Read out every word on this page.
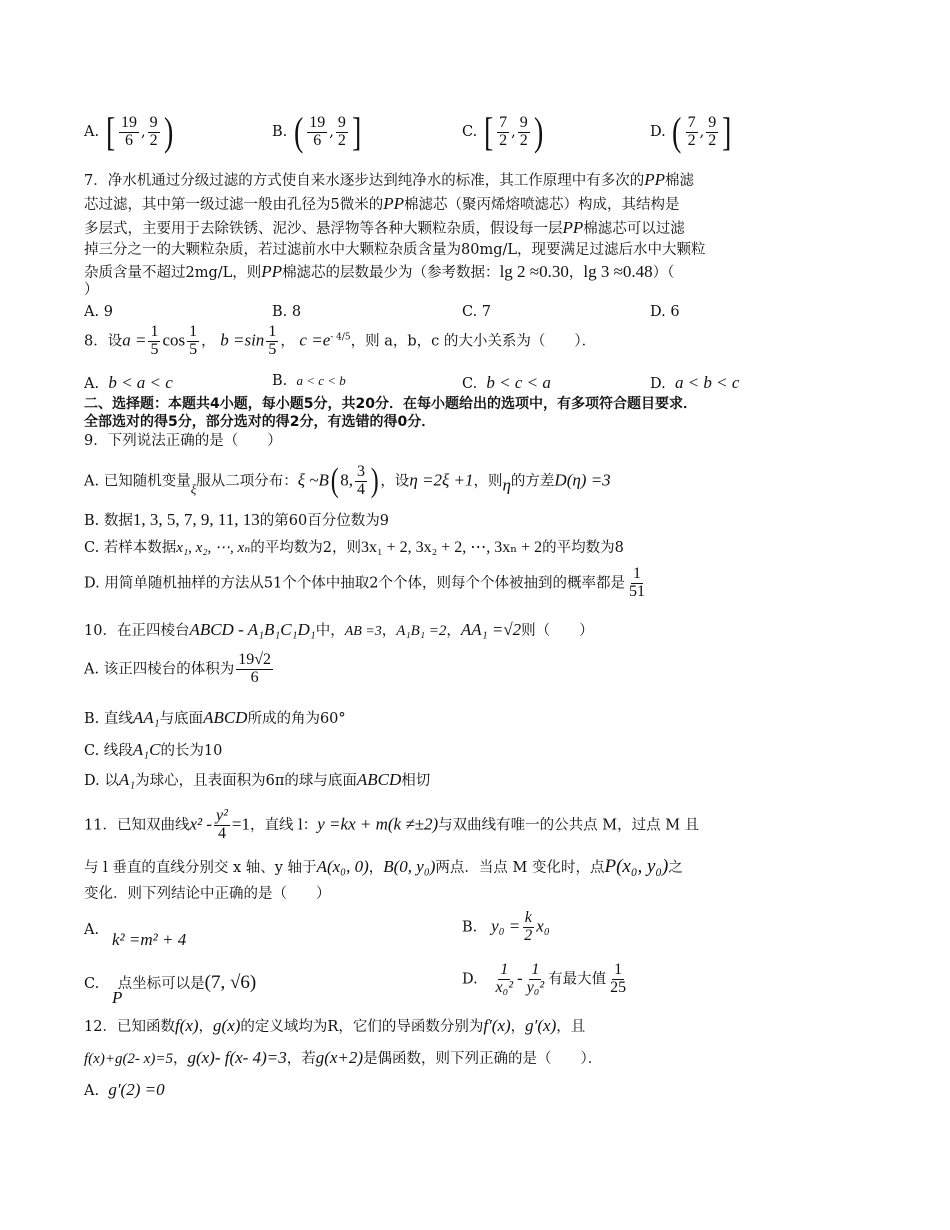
A. [ $\frac{19}{6}$ , $\frac{9}{2}$ )	B. ( $\frac{19}{6}$ , $\frac{9}{2}$ ]	C. [ $\frac{7}{2}$ , $\frac{9}{2}$ )	D. ( $\frac{7}{2}$ , $\frac{9}{2}$ ]
7．净水机通过分级过滤的方式使自来水逐步达到纯净水的标准，其工作原理中有多次的PP棉滤
芯过滤，其中第一级过滤一般由孔径为5微米的PP棉滤芯（聚丙烯熔喷滤芯）构成，其结构是
多层式，主要用于去除铁锈、泥沙、悬浮物等各种大颗粒杂质，假设每一层PP棉滤芯可以过滤
掉三分之一的大颗粒杂质，若过滤前水中大颗粒杂质含量为80mg/L，现要满足过滤后水中大颗粒
杂质含量不超过2mg/L，则PP棉滤芯的层数最少为（参考数据：lg 2 ≈0.30，lg 3 ≈0.48）（
）
A. 9	B. 8	C. 7	D. 6
8．设$a = \frac{1}{5}$ $\cos \frac{1}{5}$ ， $b =\sin \frac{1}{5}$ ， $c =e^{- 4/5}$，则 a，b，c 的大小关系为（　　）．
A. b < a < c	B. a < c < b	C. b < c < a	D. a < b < c
二、选择题：本题共4小题，每小题5分，共20分．在每小题给出的选项中，有多项符合题目要求．
全部选对的得5分，部分选对的得2分，有选错的得0分．
9．下列说法正确的是（　　）
A. 已知随机变量ξ服从二项分布：ξ ~B(8, $\frac{3}{4}$ ) ，设η =2ξ +1，则η的方差D(η) =3
B. 数据1, 3, 5, 7, 9, 11, 13的第60百分位数为9
C. 若样本数据x₁, x₂, ⋯, xₙ的平均数为2，则3x₁ + 2, 3x₂ + 2, ⋯, 3xₙ + 2的平均数为8
D. 用简单随机抽样的方法从51个个体中抽取2个个体，则每个个体被抽到的概率都是 $\frac{1}{51}$
10．在正四棱台ABCD - A₁B₁C₁D₁中，AB =3，A₁B₁ =2，AA₁ =√2则（　　）
A. 该正四棱台的体积为 $\frac{19√2}{6}$
B. 直线AA₁与底面ABCD所成的角为60°
C. 线段A₁C的长为10
D. 以A₁为球心，且表面积为6π的球与底面ABCD相切
11．已知双曲线$x^2 - \frac{\text{y²}}{4} =1$，直线 l：y =kx + m(k ≠±2)与双曲线有唯一的公共点 M，过点 M 且
与 l 垂直的直线分别交 x 轴、y 轴于A(x₀, 0)，B(0, y₀)两点．当点 M 变化时，点P(x₀, y₀)之
变化．则下列结论中正确的是（　　）
A. k² =m² + 4
B. $y_0 = \frac{k}{2} x_0$
C. 点坐标可以是(7, √6)
P
D. $\frac{1}{\text{x₀²}} - \frac{1}{\text{y₀²}}$ 有最大值 $\frac{1}{25}$
12．已知函数f(x)，g(x)的定义域均为R，它们的导函数分别为f′(x)，g′(x)，且
f(x)+g(2- x)=5，g(x)- f(x- 4)=3，若g(x+2)是偶函数，则下列正确的是（　　）．
A. g′(2) =0
